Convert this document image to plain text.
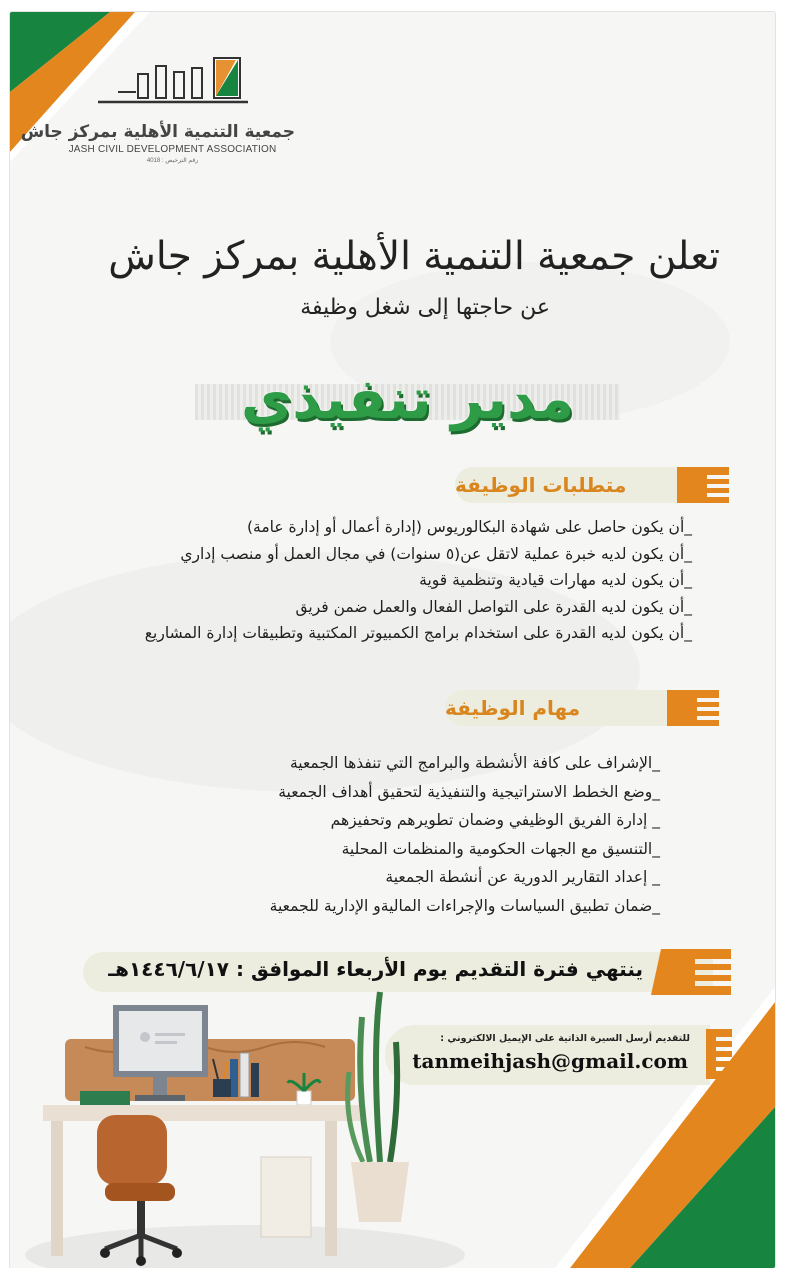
جمعية التنمية الأهلية بمركز جاش
JASH CIVIL DEVELOPMENT ASSOCIATION
رقم الترخيص : 4018
تعلن جمعية التنمية الأهلية بمركز جاش
عن حاجتها إلى شغل وظيفة
مدير تنفيذي
متطلبات الوظيفة
_أن يكون حاصل على شهادة البكالوريوس (إدارة أعمال أو إدارة عامة)
_أن يكون لديه خبرة عملية لاتقل عن(٥ سنوات) في مجال العمل أو منصب إداري
_أن يكون لديه مهارات قيادية وتنظمية قوية
_أن يكون لديه القدرة على التواصل الفعال والعمل ضمن فريق
_أن يكون لديه القدرة على استخدام برامج الكمبيوتر المكتبية وتطبيقات إدارة المشاريع
مهام الوظيفة
_الإشراف على كافة الأنشطة والبرامج التي تنفذها الجمعية
_وضع الخطط الاستراتيجية والتنفيذية لتحقيق أهداف الجمعية
_ إدارة الفريق الوظيفي وضمان تطويرهم وتحفيزهم
_التنسيق مع الجهات الحكومية والمنظمات المحلية
_ إعداد التقارير الدورية عن أنشطة الجمعية
_ضمان تطبيق السياسات والإجراءات الماليةو الإدارية للجمعية
ينتهي فترة التقديم يوم الأربعاء الموافق : ١٤٤٦/٦/١٧هـ
للتقديم أرسل السيرة الذاتية على الإيميل الالكتروني :
tanmeihjash@gmail.com
